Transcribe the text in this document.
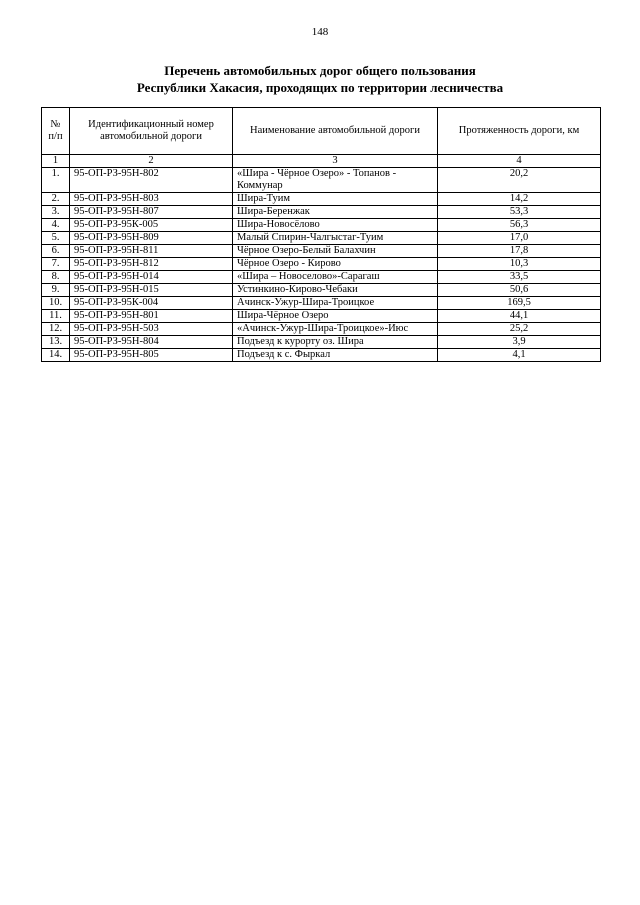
148
Перечень автомобильных дорог общего пользования
Республики Хакасия, проходящих по территории лесничества
№ п/п	Идентификационный номер автомобильной дороги	Наименование автомобильной дороги	Протяженность дороги, км
1	2	3	4
1.	95-ОП-РЗ-95Н-802	«Шира - Чёрное Озеро» - Топанов - Коммунар	20,2
2.	95-ОП-РЗ-95Н-803	Шира-Туим	14,2
3.	95-ОП-РЗ-95Н-807	Шира-Беренжак	53,3
4.	95-ОП-РЗ-95К-005	Шира-Новосёлово	56,3
5.	95-ОП-РЗ-95Н-809	Малый Спирин-Чалгыстаг-Туим	17,0
6.	95-ОП-РЗ-95Н-811	Чёрное Озеро-Белый Балахчин	17,8
7.	95-ОП-РЗ-95Н-812	Чёрное Озеро - Кирово	10,3
8.	95-ОП-РЗ-95Н-014	«Шира – Новоселово»-Сарагаш	33,5
9.	95-ОП-РЗ-95Н-015	Устинкино-Кирово-Чебаки	50,6
10.	95-ОП-РЗ-95К-004	Ачинск-Ужур-Шира-Троицкое	169,5
11.	95-ОП-РЗ-95Н-801	Шира-Чёрное Озеро	44,1
12.	95-ОП-РЗ-95Н-503	«Ачинск-Ужур-Шира-Троицкое»-Июс	25,2
13.	95-ОП-РЗ-95Н-804	Подъезд к курорту оз. Шира	3,9
14.	95-ОП-РЗ-95Н-805	Подъезд к с. Фыркал	4,1
